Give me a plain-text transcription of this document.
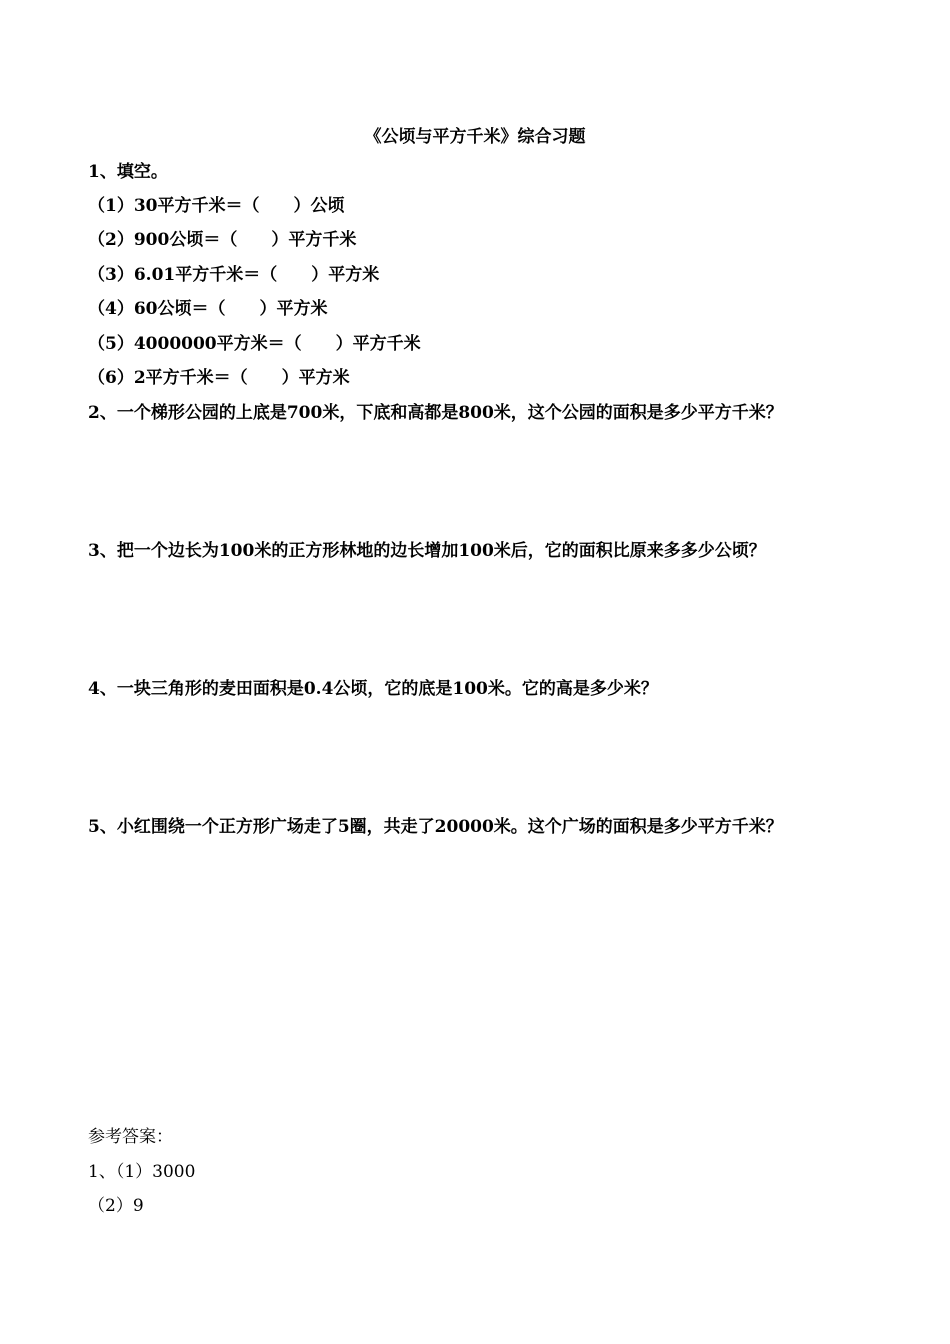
《公顷与平方千米》综合习题
1、填空。
（1）30平方千米＝（　　）公顷
（2）900公顷＝（　　）平方千米
（3）6.01平方千米＝（　　）平方米
（4）60公顷＝（　　）平方米
（5）4000000平方米＝（　　）平方千米
（6）2平方千米＝（　　）平方米
2、一个梯形公园的上底是700米，下底和高都是800米，这个公园的面积是多少平方千米？
3、把一个边长为100米的正方形林地的边长增加100米后，它的面积比原来多多少公顷？
4、一块三角形的麦田面积是0.4公顷，它的底是100米。它的高是多少米？
5、小红围绕一个正方形广场走了5圈，共走了20000米。这个广场的面积是多少平方千米？
参考答案：
1、（1）3000
（2）9
